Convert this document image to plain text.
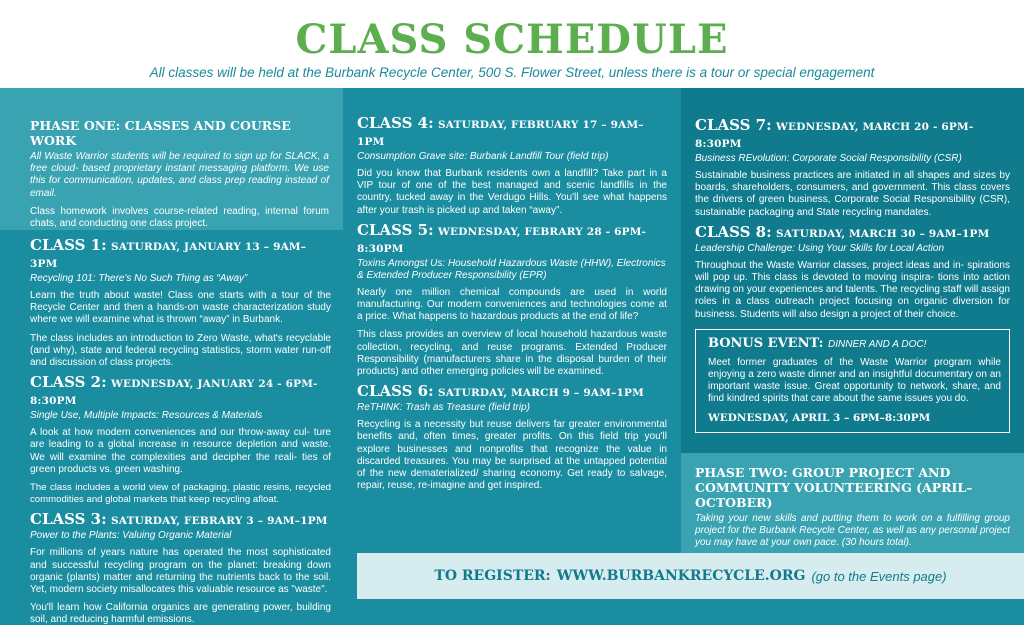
CLASS SCHEDULE
All classes will be held at the Burbank Recycle Center, 500 S. Flower Street, unless there is a tour or special engagement
PHASE ONE: CLASSES AND COURSE WORK
All Waste Warrior students will be required to sign up for SLACK, a free cloud- based proprietary instant messaging platform. We use this for communication, updates, and class prep reading instead of email.
Class homework involves course-related reading, internal forum chats, and conducting one class project.
CLASS 1: SATURDAY, JANUARY 13 – 9AM–3PM
Recycling 101: There's No Such Thing as “Away”
Learn the truth about waste! Class one starts with a tour of the Recycle Center and then a hands-on waste characterization study where we will examine what is thrown “away” in Burbank.
The class includes an introduction to Zero Waste, what's recyclable (and why), state and federal recycling statistics, storm water run-off and discussion of class projects.
CLASS 2: WEDNESDAY, JANUARY 24 - 6PM-8:30PM
Single Use, Multiple Impacts: Resources & Materials
A look at how modern conveniences and our throw-away cul- ture are leading to a global increase in resource depletion and waste. We will examine the complexities and decipher the reali- ties of green products vs. green washing.
The class includes a world view of packaging, plastic resins, recycled commodities and global markets that keep recycling afloat.
CLASS 3: SATURDAY, FEBRARY 3 – 9AM–1PM
Power to the Plants: Valuing Organic Material
For millions of years nature has operated the most sophisticated and successful recycling program on the planet: breaking down organic (plants) matter and returning the nutrients back to the soil. Yet, modern society misallocates this valuable resource as "waste".
You'll learn how California organics are generating power, building soil, and reducing harmful emissions.
CLASS 4: SATURDAY, FEBRUARY 17 – 9AM–1PM
Consumption Grave site: Burbank Landfill Tour (field trip)
Did you know that Burbank residents own a landfill? Take part in a VIP tour of one of the best managed and scenic landfills in the country, tucked away in the Verdugo Hills. You'll see what happens after your trash is picked up and taken “away”.
CLASS 5: WEDNESDAY, FEBRARY 28 - 6PM-8:30PM
Toxins Amongst Us: Household Hazardous Waste (HHW), Electronics & Extended Producer Responsibility (EPR)
Nearly one million chemical compounds are used in world manufacturing. Our modern conveniences and technologies come at a price. What happens to hazardous products at the end of life?
This class provides an overview of local household hazardous waste collection, recycling, and reuse programs. Extended Producer Responsibility (manufacturers share in the disposal burden of their products) and other emerging policies will be examined.
CLASS 6: SATURDAY, MARCH 9 – 9AM–1PM
ReTHINK: Trash as Treasure (field trip)
Recycling is a necessity but reuse delivers far greater environmental benefits and, often times, greater profits. On this field trip you'll explore businesses and nonprofits that recognize the value in discarded treasures. You may be surprised at the untapped potential of the new dematerialized/ sharing economy. Get ready to salvage, repair, reuse, re-imagine and get inspired.
CLASS 7: WEDNESDAY, MARCH 20 - 6PM-8:30PM
Business REvolution: Corporate Social Responsibility (CSR)
Sustainable business practices are initiated in all shapes and sizes by boards, shareholders, consumers, and government. This class covers the drivers of green business, Corporate Social Responsibility (CSR), sustainable packaging and State recycling mandates.
CLASS 8: SATURDAY, MARCH 30 – 9AM–1PM
Leadership Challenge: Using Your Skills for Local Action
Throughout the Waste Warrior classes, project ideas and in- spirations will pop up. This class is devoted to moving inspira- tions into action drawing on your experiences and talents. The recycling staff will assign roles in a class outreach project focusing on organic diversion for business. Students will also design a project of their choice.
BONUS EVENT: DINNER AND A DOC!
Meet former graduates of the Waste Warrior program while enjoying a zero waste dinner and an insightful documentary on an important waste issue. Great opportunity to network, share, and find kindred spirits that care about the same issues you do.
WEDNESDAY, APRIL 3 – 6PM–8:30PM
PHASE TWO: GROUP PROJECT AND COMMUNITY VOLUNTEERING (APRIL–OCTOBER)
Taking your new skills and putting them to work on a fulfilling group project for the Burbank Recycle Center, as well as any personal project you may have at your own pace. (30 hours total).
TO REGISTER: WWW.BURBANKRECYCLE.ORG (go to the Events page)
